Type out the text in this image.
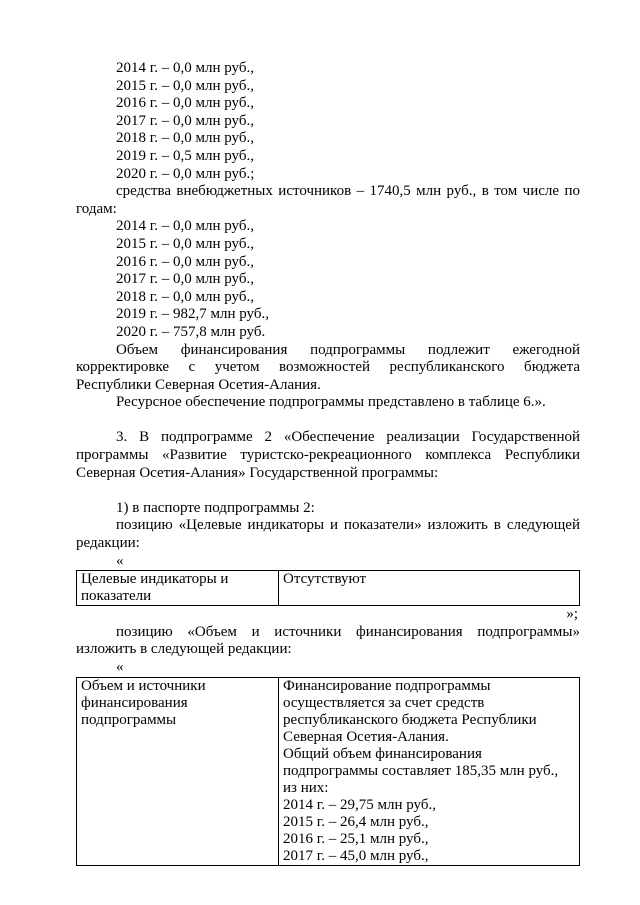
2014 г. – 0,0 млн руб.,
2015 г. – 0,0 млн руб.,
2016 г. – 0,0 млн руб.,
2017 г. – 0,0 млн руб.,
2018 г. – 0,0 млн руб.,
2019 г. – 0,5 млн руб.,
2020 г. – 0,0 млн руб.;
средства внебюджетных источников – 1740,5 млн руб., в том числе по
годам:
2014 г. – 0,0 млн руб.,
2015 г. – 0,0 млн руб.,
2016 г. – 0,0 млн руб.,
2017 г. – 0,0 млн руб.,
2018 г. – 0,0 млн руб.,
2019 г. – 982,7 млн руб.,
2020 г. – 757,8 млн руб.
Объем финансирования подпрограммы подлежит ежегодной
корректировке с учетом возможностей республиканского бюджета
Республики Северная Осетия-Алания.
Ресурсное обеспечение подпрограммы представлено в таблице 6.».
3. В подпрограмме 2 «Обеспечение реализации Государственной
программы «Развитие туристско-рекреационного комплекса Республики
Северная Осетия-Алания» Государственной программы:
1) в паспорте подпрограммы 2:
позицию «Целевые индикаторы и показатели» изложить в следующей
редакции:
«
Целевые индикаторы и
показатели

Отсутствуют
»;
позицию «Объем и источники финансирования подпрограммы»
изложить в следующей редакции:
«
Объем и источники
финансирования
подпрограммы

Финансирование подпрограммы
осуществляется за счет средств
республиканского бюджета Республики
Северная Осетия-Алания.
Общий объем финансирования
подпрограммы составляет 185,35 млн руб.,
из них:
2014 г. – 29,75 млн руб.,
2015 г. – 26,4 млн руб.,
2016 г. – 25,1 млн руб.,
2017 г. – 45,0 млн руб.,
